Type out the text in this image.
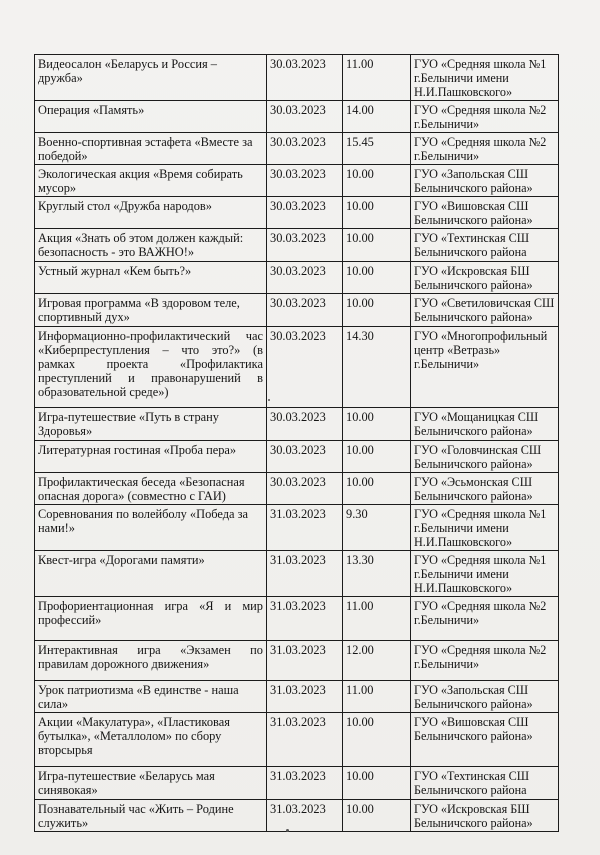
Видеосалон «Беларусь и Россия – дружба»	30.03.2023	11.00	ГУО «Средняя школа №1 г.Белыничи имени Н.И.Пашковского»
Операция «Память»	30.03.2023	14.00	ГУО «Средняя школа №2 г.Белыничи»
Военно-спортивная эстафета «Вместе за победой»	30.03.2023	15.45	ГУО «Средняя школа №2 г.Белыничи»
Экологическая акция «Время собирать мусор»	30.03.2023	10.00	ГУО «Запольская СШ Белыничского района»
Круглый стол «Дружба народов»	30.03.2023	10.00	ГУО «Вишовская СШ Белыничского района»
Акция «Знать об этом должен каждый: безопасность - это ВАЖНО!»	30.03.2023	10.00	ГУО «Техтинская СШ Белыничского района
Устный журнал «Кем быть?»	30.03.2023	10.00	ГУО «Искровская БШ Белыничского района»
Игровая программа «В здоровом теле, спортивный дух»	30.03.2023	10.00	ГУО «Светиловичская СШ Белыничского района»
Информационно-профилактический час «Киберпреступления – что это?» (в рамках проекта «Профилактика преступлений и правонарушений в образовательной среде»)	30.03.2023	14.30	ГУО «Многопрофильный центр «Ветразь» г.Белыничи»
Игра-путешествие «Путь в страну Здоровья»	30.03.2023	10.00	ГУО «Мощаницкая СШ Белыничского района»
Литературная гостиная «Проба пера»	30.03.2023	10.00	ГУО «Головчинская СШ Белыничского района»
Профилактическая беседа «Безопасная опасная дорога» (совместно с ГАИ)	30.03.2023	10.00	ГУО «Эсьмонская СШ Белыничского района»
Соревнования по волейболу «Победа за нами!»	31.03.2023	9.30	ГУО «Средняя школа №1 г.Белыничи имени Н.И.Пашковского»
Квест-игра «Дорогами памяти»	31.03.2023	13.30	ГУО «Средняя школа №1 г.Белыничи имени Н.И.Пашковского»
Профориентационная игра «Я и мир профессий»	31.03.2023	11.00	ГУО «Средняя школа №2 г.Белыничи»
Интерактивная игра «Экзамен по правилам дорожного движения»	31.03.2023	12.00	ГУО «Средняя школа №2 г.Белыничи»
Урок патриотизма «В единстве - наша сила»	31.03.2023	11.00	ГУО «Запольская СШ Белыничского района»
Акции «Макулатура», «Пластиковая бутылка», «Металлолом» по сбору вторсырья	31.03.2023	10.00	ГУО «Вишовская СШ Белыничского района»
Игра-путешествие «Беларусь мая синявокая»	31.03.2023	10.00	ГУО «Техтинская СШ Белыничского района
Познавательный час «Жить – Родине служить»	31.03.2023	10.00	ГУО «Искровская БШ Белыничского района»
